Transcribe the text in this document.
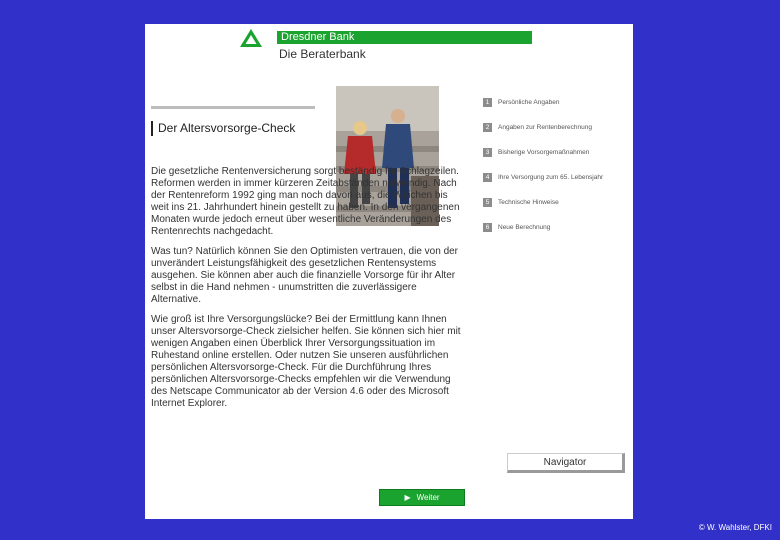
Dresdner Bank
Die Beraterbank
Der Altersvorsorge-Check

Die gesetzliche Rentenversicherung sorgt beständig für Schlagzeilen. Reformen werden in immer kürzeren Zeitabständen notwendig. Nach der Rentenreform 1992 ging man noch davon aus, die Weichen bis weit ins 21. Jahrhundert hinein gestellt zu haben. In den vergangenen Monaten wurde jedoch erneut über wesentliche Veränderungen des Rentenrechts nachgedacht.

Was tun? Natürlich können Sie den Optimisten vertrauen, die von der unverändert Leistungsfähigkeit des gesetzlichen Rentensystems ausgehen. Sie können aber auch die finanzielle Vorsorge für ihr Alter selbst in die Hand nehmen - unumstritten die zuverlässigere Alternative.

Wie groß ist Ihre Versorgungslücke? Bei der Ermittlung kann Ihnen unser Altersvorsorge-Check zielsicher helfen. Sie können sich hier mit wenigen Angaben einen Überblick Ihrer Versorgungssituation im Ruhestand online erstellen. Oder nutzen Sie unseren ausführlichen persönlichen Altersvorsorge-Check. Für die Durchführung Ihres persönlichen Altersvorsorge-Checks empfehlen wir die Verwendung des Netscape Communicator ab der Version 4.6 oder des Microsoft Internet Explorer.

1	Persönliche Angaben
2	Angaben zur Rentenberechnung
3	Bisherige Vorsorgemaßnahmen
4	Ihre Versorgung zum 65. Lebensjahr
5	Technische Hinweise
6	Neue Berechnung
Navigator
▶ Weiter
© W. Wahlster, DFKI
